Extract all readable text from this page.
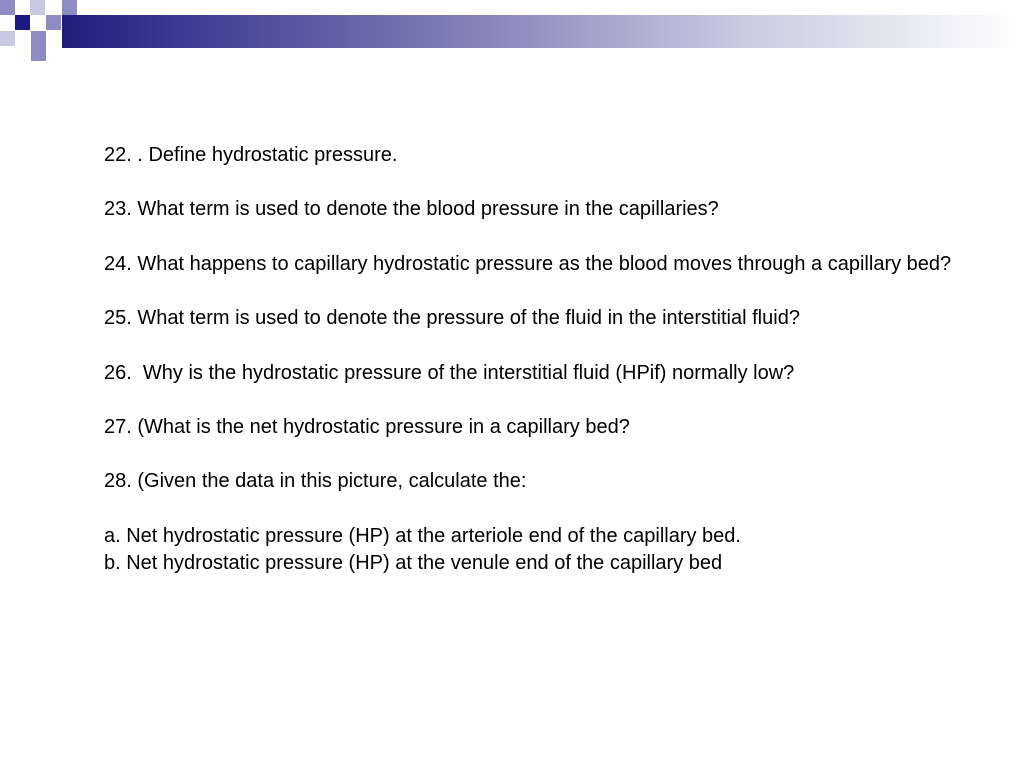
22. . Define hydrostatic pressure.

23. What term is used to denote the blood pressure in the capillaries?

24. What happens to capillary hydrostatic pressure as the blood moves through a capillary bed?

25. What term is used to denote the pressure of the fluid in the interstitial fluid?

26.  Why is the hydrostatic pressure of the interstitial fluid (HPif) normally low?

27. (What is the net hydrostatic pressure in a capillary bed?

28. (Given the data in this picture, calculate the:

a. Net hydrostatic pressure (HP) at the arteriole end of the capillary bed.

b. Net hydrostatic pressure (HP) at the venule end of the capillary bed
